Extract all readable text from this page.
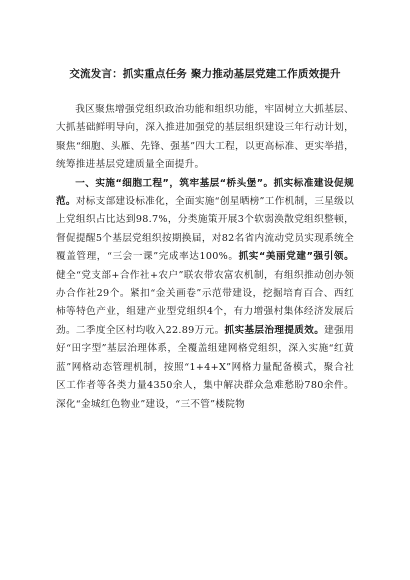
交流发言：抓实重点任务 聚力推动基层党建工作质效提升

我区聚焦增强党组织政治功能和组织功能，牢固树立大抓基层、大抓基础鲜明导向，深入推进加强党的基层组织建设三年行动计划，聚焦“细胞、头雁、先锋、强基”四大工程，以更高标准、更实举措，统筹推进基层党建质量全面提升。

一、实施“细胞工程”，筑牢基层“桥头堡”。抓实标准建设促规范。对标支部建设标准化，全面实施“创星晒榜”工作机制，三星级以上党组织占比达到98.7%，分类施策开展3个软弱涣散党组织整顿，督促提醒5个基层党组织按期换届，对82名省内流动党员实现系统全覆盖管理，“三会一课”完成率达100%。抓实“美丽党建”强引领。健全“党支部+合作社+农户”联农带农富农机制，有组织推动创办领办合作社29个。紧扣“金关画卷”示范带建设，挖掘培育百合、西红柿等特色产业，组建产业型党组织4个，有力增强村集体经济发展后劲。二季度全区村均收入22.89万元。抓实基层治理提质效。建强用好“田字型”基层治理体系，全覆盖组建网格党组织，深入实施“红黄蓝”网格动态管理机制，按照“1+4+X”网格力量配备模式，聚合社区工作者等各类力量4350余人，集中解决群众急难愁盼780余件。深化“金城红色物业”建设，“三不管”楼院物
